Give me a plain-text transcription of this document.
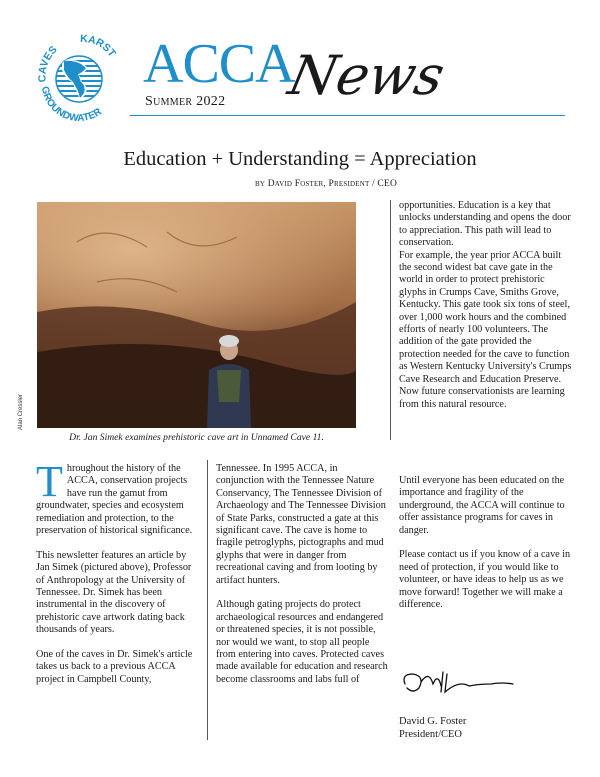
CAVES
KARST
GROUNDWATER
ACCA
News
Summer 2022
Education + Understanding = Appreciation
by David Foster, President / CEO
Alan Cressler
Dr. Jan Simek examines prehistoric cave art in Unnamed Cave 11.
Throughout the history of the ACCA, conservation projects have run the gamut from groundwater, species and ecosystem remediation and protection, to the preservation of historical significance.
This newsletter features an article by Jan Simek (pictured above), Professor of Anthropology at the University of Tennessee. Dr. Simek has been instrumental in the discovery of prehistoric cave artwork dating back thousands of years.
One of the caves in Dr. Simek's article takes us back to a previous ACCA project in Campbell County,
Tennessee. In 1995 ACCA, in conjunction with the Tennessee Nature Conservancy, The Tennessee Division of Archaeology and The Tennessee Division of State Parks, constructed a gate at this significant cave. The cave is home to fragile petroglyphs, pictographs and mud glyphs that were in danger from recreational caving and from looting by artifact hunters.
Although gating projects do protect archaeological resources and endangered or threatened species, it is not possible, nor would we want, to stop all people from entering into caves. Protected caves made available for education and research become classrooms and labs full of
opportunities. Education is a key that unlocks understanding and opens the door to appreciation. This path will lead to conservation.
For example, the year prior ACCA built the second widest bat cave gate in the world in order to protect prehistoric glyphs in Crumps Cave, Smiths Grove, Kentucky. This gate took six tons of steel, over 1,000 work hours and the combined efforts of nearly 100 volunteers. The addition of the gate provided the protection needed for the cave to function as Western Kentucky University's Crumps Cave Research and Education Preserve. Now future conservationists are learning from this natural resource.
Until everyone has been educated on the importance and fragility of the underground, the ACCA will continue to offer assistance programs for caves in danger.
Please contact us if you know of a cave in need of protection, if you would like to volunteer, or have ideas to help us as we move forward! Together we will make a difference.
David G. Foster
President/CEO
